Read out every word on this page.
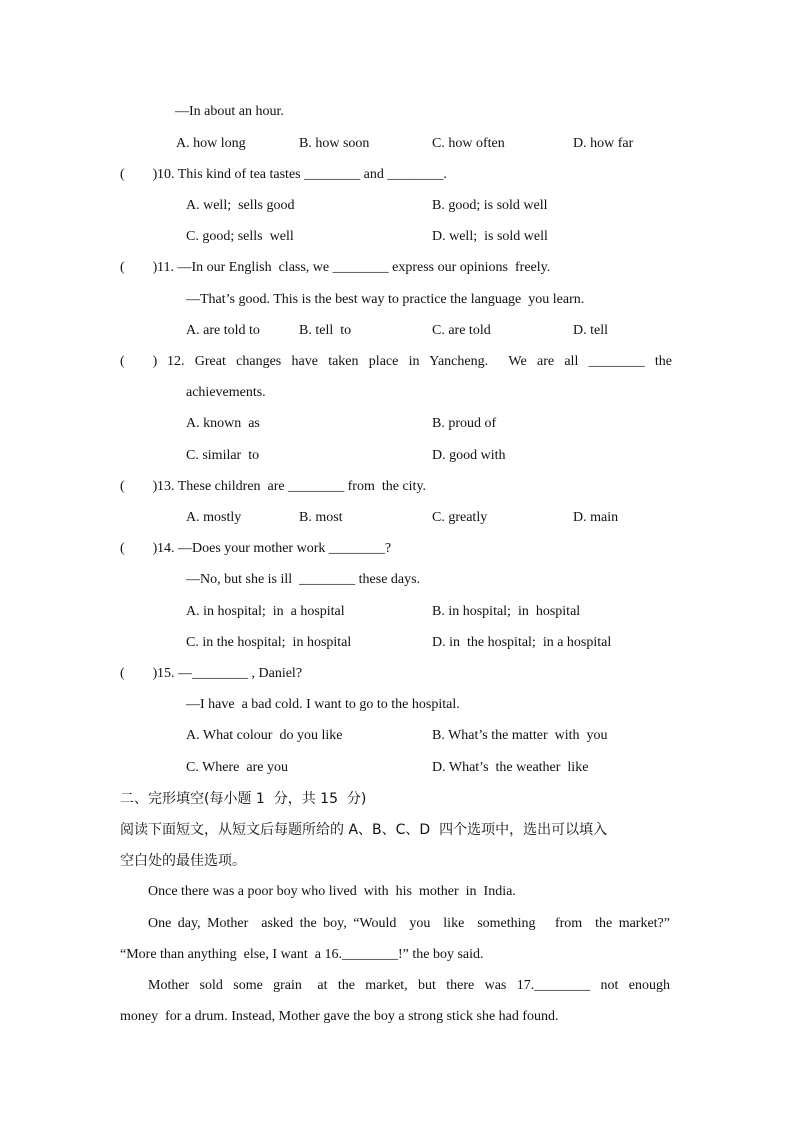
—In about an hour.
A. how long	B. how soon	C. how often	D. how far
(        ) 10. This kind of tea tastes ________ and ________.
A. well;  sells good	B. good; is sold well
C. good; sells  well	D. well;  is sold well
(        ) 11. —In our English  class, we ________ express our opinions  freely.
—That’s good. This is the best way to practice the language  you learn.
A. are told to	B. tell  to	C. are told	D. tell
(        ) 12. Great changes have taken place in Yancheng.  We are all ________ the
achievements.
A. known  as	B. proud of
C. similar  to	D. good with
(        ) 13. These children  are ________ from  the city.
A. mostly	B. most	C. greatly	D. main
(        ) 14. —Does your mother work ________?
—No, but she is ill  ________ these days.
A. in hospital;  in  a hospital	B. in hospital;  in  hospital
C. in the hospital;  in hospital	D. in  the hospital;  in a hospital
(        ) 15. —________ , Daniel?
—I have  a bad cold. I want to go to the hospital.
A. What colour  do you like	B. What’s the matter  with  you
C. Where  are you	D. What’s  the weather  like
二、完形填空(每小题 1  分，共 15  分)
阅读下面短文，从短文后每题所给的 A、B、C、D  四个选项中，选出可以填入
空白处的最佳选项。
Once there was a poor boy who lived  with  his  mother  in  India.
One day, Mother  asked the boy, “Would  you  like  something   from  the market?”
“More than anything  else, I want  a 16.________!” the boy said.
Mother  sold  some  grain   at  the  market,  but  there  was  17.________  not  enough
money  for a drum. Instead, Mother gave the boy a strong stick she had found.
